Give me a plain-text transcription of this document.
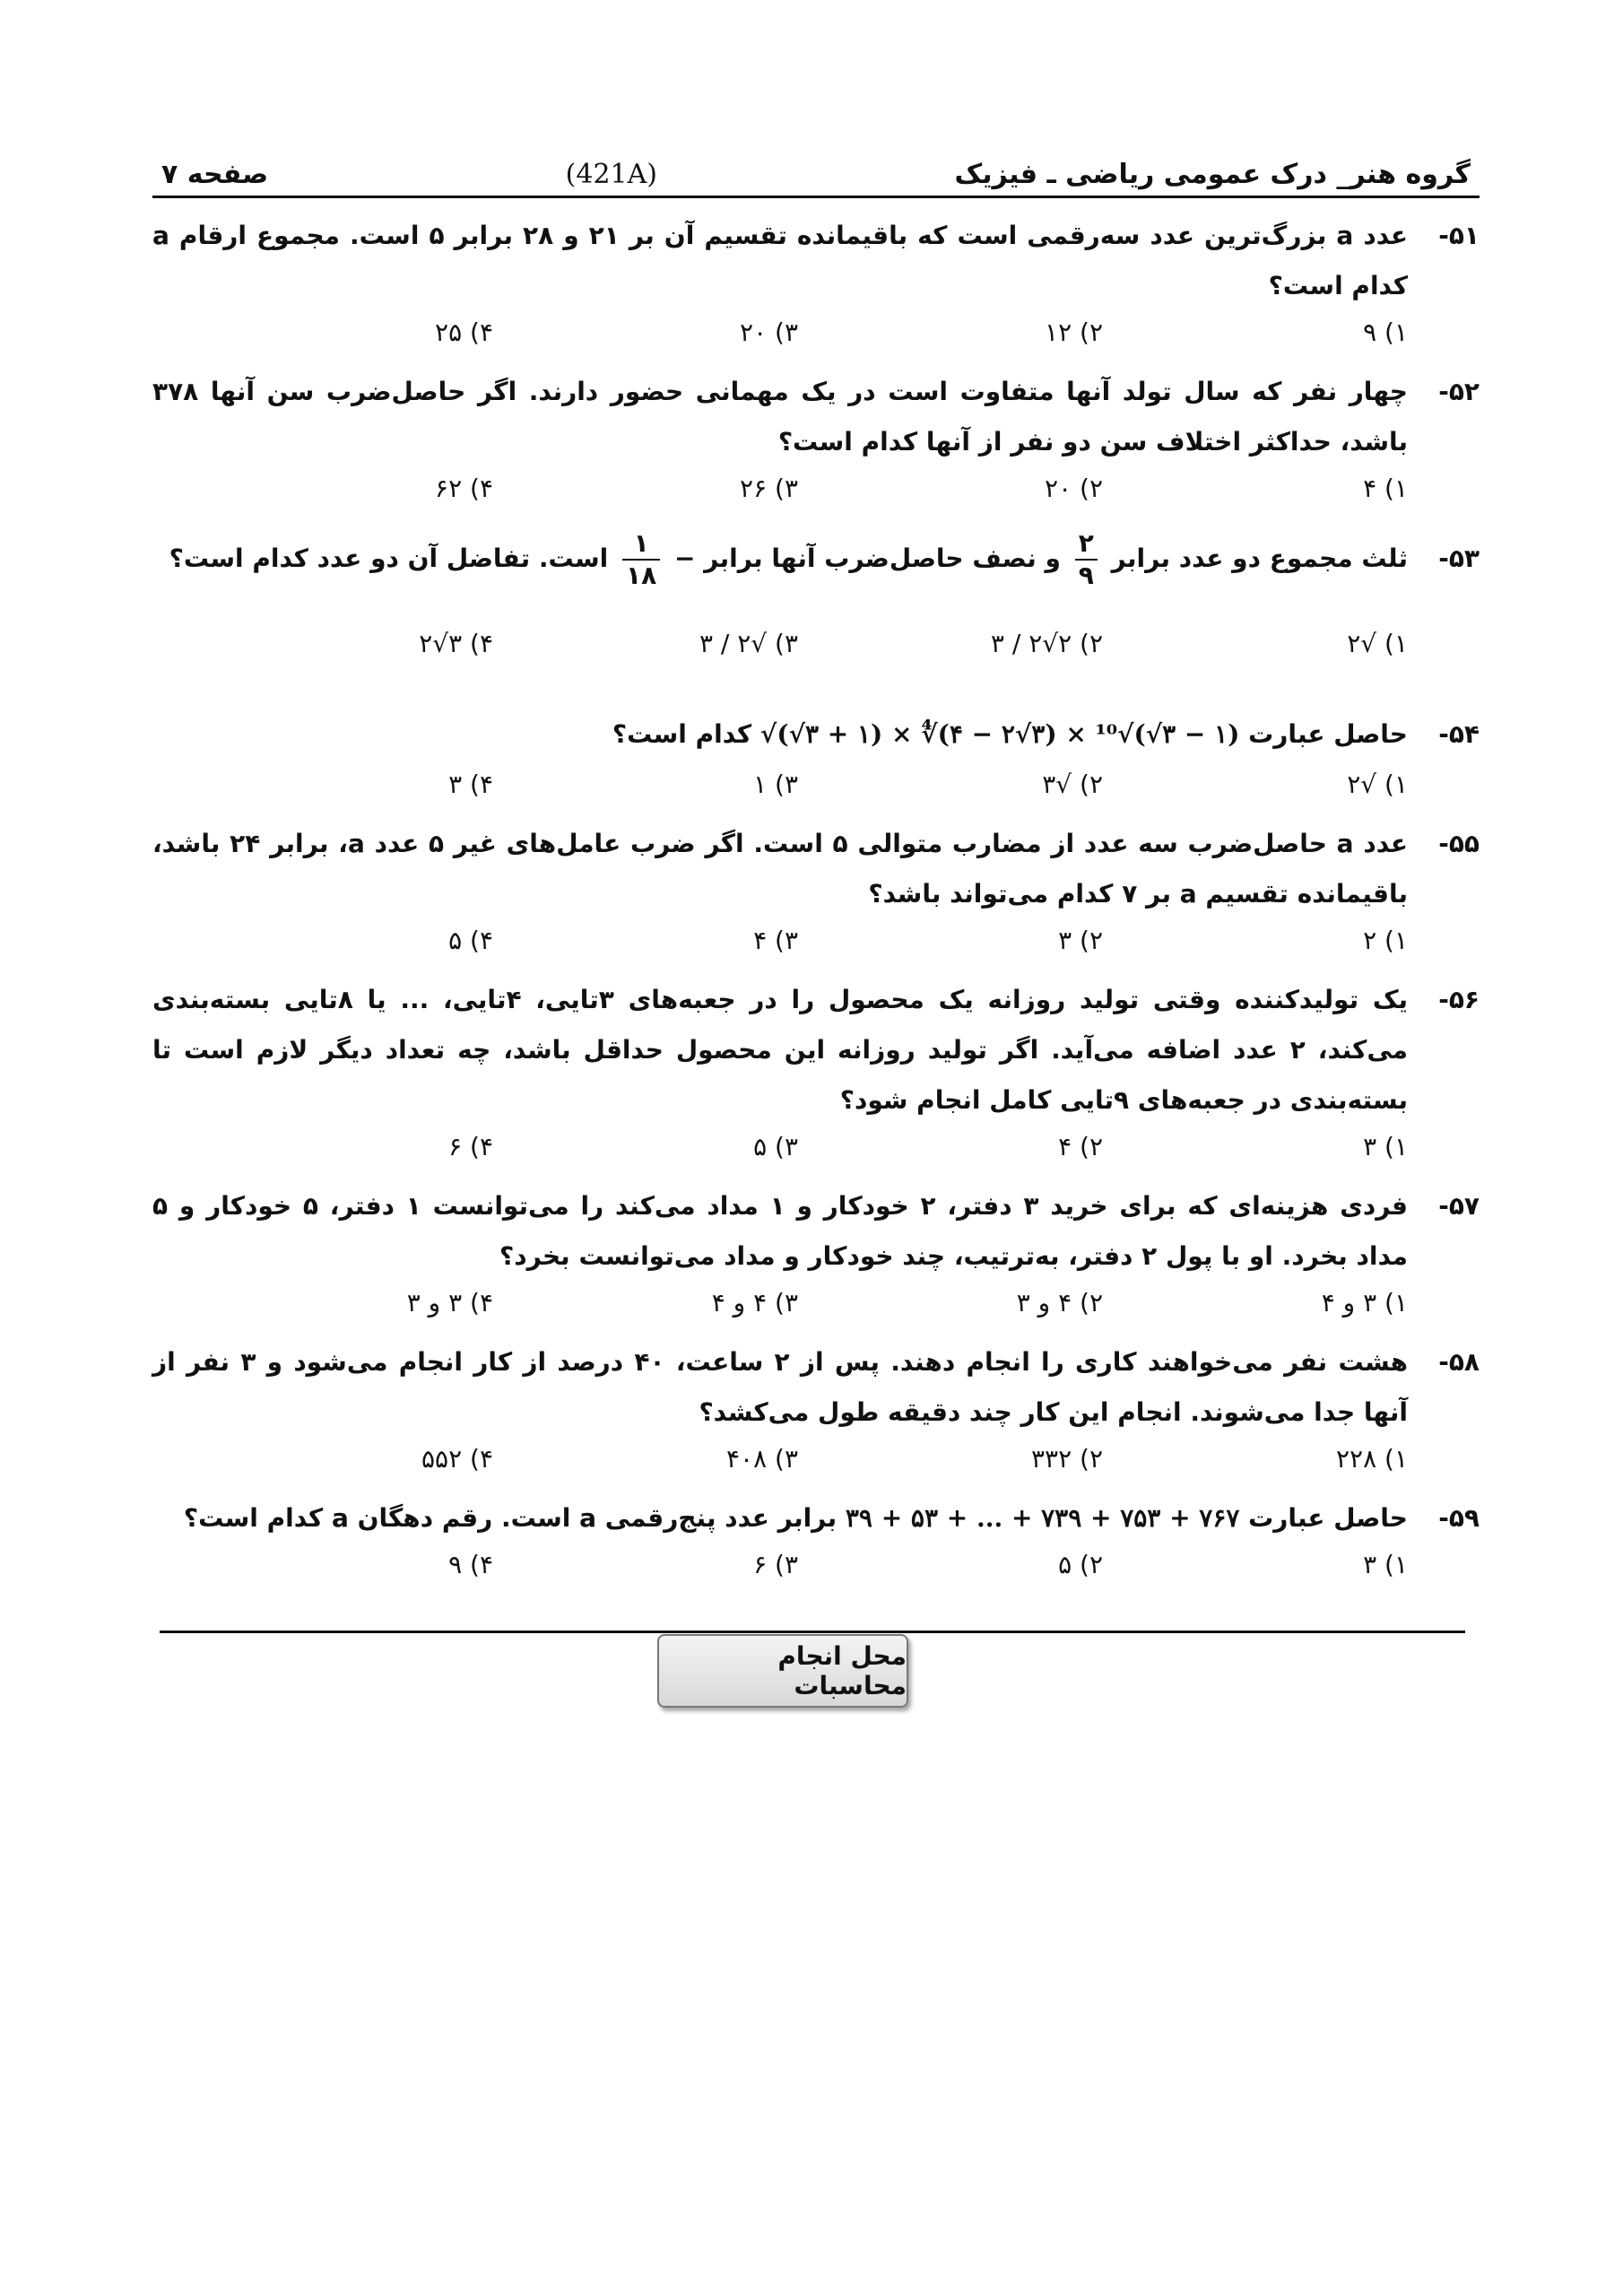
گروه هنر_ درک عمومی ریاضی ـ فیزیک
(421A)
صفحه ۷
۵۱-
عدد a بزرگ‌ترین عدد سه‌رقمی است که باقیمانده تقسیم آن بر ۲۱ و ۲۸ برابر ۵ است. مجموع ارقام a کدام است؟
۱) ۹
۲) ۱۲
۳) ۲۰
۴) ۲۵
۵۲-
چهار نفر که سال تولد آنها متفاوت است در یک مهمانی حضور دارند. اگر حاصل‌ضرب سن آنها ۳۷۸ باشد، حداکثر اختلاف سن دو نفر از آنها کدام است؟
۱) ۴
۲) ۲۰
۳) ۲۶
۴) ۶۲
۵۳-
ثلث مجموع دو عدد برابر
$\frac{۲}{۹}$
و نصف حاصل‌ضرب آنها برابر −
$\frac{۱}{۱۸}$
است. تفاضل آن دو عدد کدام است؟
۱) √۲
۲) ۲√۲ / ۳
۳) √۲ / ۳
۴) ۳√۲
۵۴-
حاصل عبارت √(√۳ + ۱) × ∜(۴ − ۲√۳) × ¹⁰√(√۳ − ۱) کدام است؟
۱) √۲
۲) √۳
۳) ۱
۴) ۳
۵۵-
عدد a حاصل‌ضرب سه عدد از مضارب متوالی ۵ است. اگر ضرب عامل‌های غیر ۵ عدد a، برابر ۲۴ باشد، باقیمانده تقسیم a بر ۷ کدام می‌تواند باشد؟
۱) ۲
۲) ۳
۳) ۴
۴) ۵
۵۶-
یک تولیدکننده وقتی تولید روزانه یک محصول را در جعبه‌های ۳تایی، ۴تایی، ... یا ۸تایی بسته‌بندی می‌کند، ۲ عدد اضافه می‌آید. اگر تولید روزانه این محصول حداقل باشد، چه تعداد دیگر لازم است تا بسته‌بندی در جعبه‌های ۹تایی کامل انجام شود؟
۱) ۳
۲) ۴
۳) ۵
۴) ۶
۵۷-
فردی هزینه‌ای که برای خرید ۳ دفتر، ۲ خودکار و ۱ مداد می‌کند را می‌توانست ۱ دفتر، ۵ خودکار و ۵ مداد بخرد. او با پول ۲ دفتر، به‌ترتیب، چند خودکار و مداد می‌توانست بخرد؟
۱) ۳ و ۴
۲) ۴ و ۳
۳) ۴ و ۴
۴) ۳ و ۳
۵۸-
هشت نفر می‌خواهند کاری را انجام دهند. پس از ۲ ساعت، ۴۰ درصد از کار انجام می‌شود و ۳ نفر از آنها جدا می‌شوند. انجام این کار چند دقیقه طول می‌کشد؟
۱) ۲۲۸
۲) ۳۳۲
۳) ۴۰۸
۴) ۵۵۲
۵۹-
حاصل عبارت ۳۹ + ۵۳ + ... + ۷۳۹ + ۷۵۳ + ۷۶۷ برابر عدد پنج‌رقمی a است. رقم دهگان a کدام است؟
۱) ۳
۲) ۵
۳) ۶
۴) ۹
محل انجام محاسبات
